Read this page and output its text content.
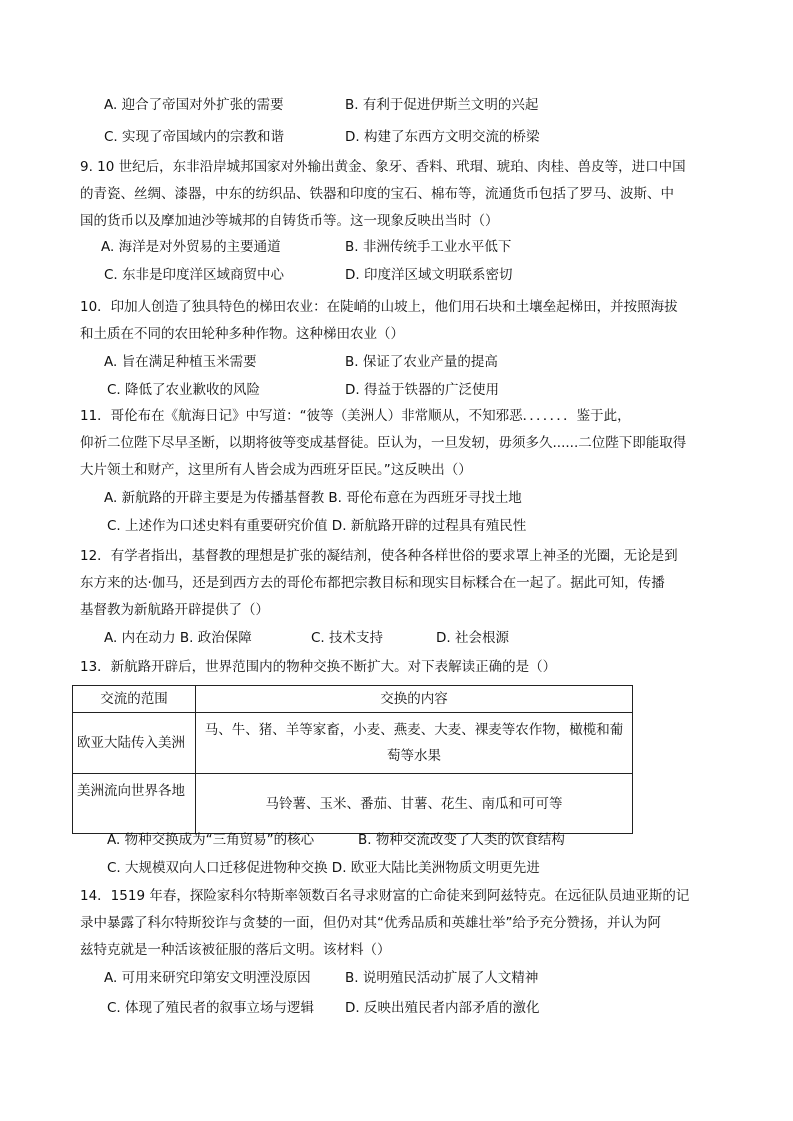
A. 迎合了帝国对外扩张的需要	B. 有利于促进伊斯兰文明的兴起
C. 实现了帝国域内的宗教和谐	D. 构建了东西方文明交流的桥梁
9. 10 世纪后，东非沿岸城邦国家对外输出黄金、象牙、香料、玳瑁、琥珀、肉桂、兽皮等，进口中国
的青瓷、丝绸、漆器，中东的纺织品、铁器和印度的宝石、棉布等，流通货币包括了罗马、波斯、中
国的货币以及摩加迪沙等城邦的自铸货币等。这一现象反映出当时（）
A. 海洋是对外贸易的主要通道	B. 非洲传统手工业水平低下
C. 东非是印度洋区域商贸中心	D. 印度洋区域文明联系密切
10．印加人创造了独具特色的梯田农业：在陡峭的山坡上，他们用石块和土壤垒起梯田，并按照海拔
和土质在不同的农田轮种多种作物。这种梯田农业（）
A. 旨在满足种植玉米需要	B. 保证了农业产量的提高
C. 降低了农业歉收的风险	D. 得益于铁器的广泛使用
11．哥伦布在《航海日记》中写道：“彼等（美洲人）非常顺从，不知邪恶．．．．．．．鉴于此，
仰祈二位陛下尽早圣断，以期将彼等变成基督徒。臣认为，一旦发轫，毋须多久......二位陛下即能取得
大片领土和财产，这里所有人皆会成为西班牙臣民。”这反映出（）
A. 新航路的开辟主要是为传播基督教 B. 哥伦布意在为西班牙寻找土地
C. 上述作为口述史料有重要研究价值 D. 新航路开辟的过程具有殖民性
12．有学者指出，基督教的理想是扩张的凝结剂，使各种各样世俗的要求罩上神圣的光圈，无论是到
东方来的达·伽马，还是到西方去的哥伦布都把宗教目标和现实目标糅合在一起了。据此可知，传播
基督教为新航路开辟提供了（）
A. 内在动力 B. 政治保障	C. 技术支持	D. 社会根源
13．新航路开辟后，世界范围内的物种交换不断扩大。对下表解读正确的是（）
交流的范围	交换的内容
欧亚大陆传入美洲	马、牛、猪、羊等家畜，小麦、燕麦、大麦、裸麦等农作物，橄榄和葡
萄等水果

美洲流向世界各地	马铃薯、玉米、番茄、甘薯、花生、南瓜和可可等
A. 物种交换成为“三角贸易”的核心	B. 物种交流改变了人类的饮食结构
C. 大规模双向人口迁移促进物种交换 D. 欧亚大陆比美洲物质文明更先进
14．1519 年春，探险家科尔特斯率领数百名寻求财富的亡命徒来到阿兹特克。在远征队员迪亚斯的记
录中暴露了科尔特斯狡诈与贪婪的一面，但仍对其“优秀品质和英雄壮举”给予充分赞扬，并认为阿
兹特克就是一种活该被征服的落后文明。该材料（）
A. 可用来研究印第安文明湮没原因	B. 说明殖民活动扩展了人文精神
C. 体现了殖民者的叙事立场与逻辑 D. 反映出殖民者内部矛盾的激化
